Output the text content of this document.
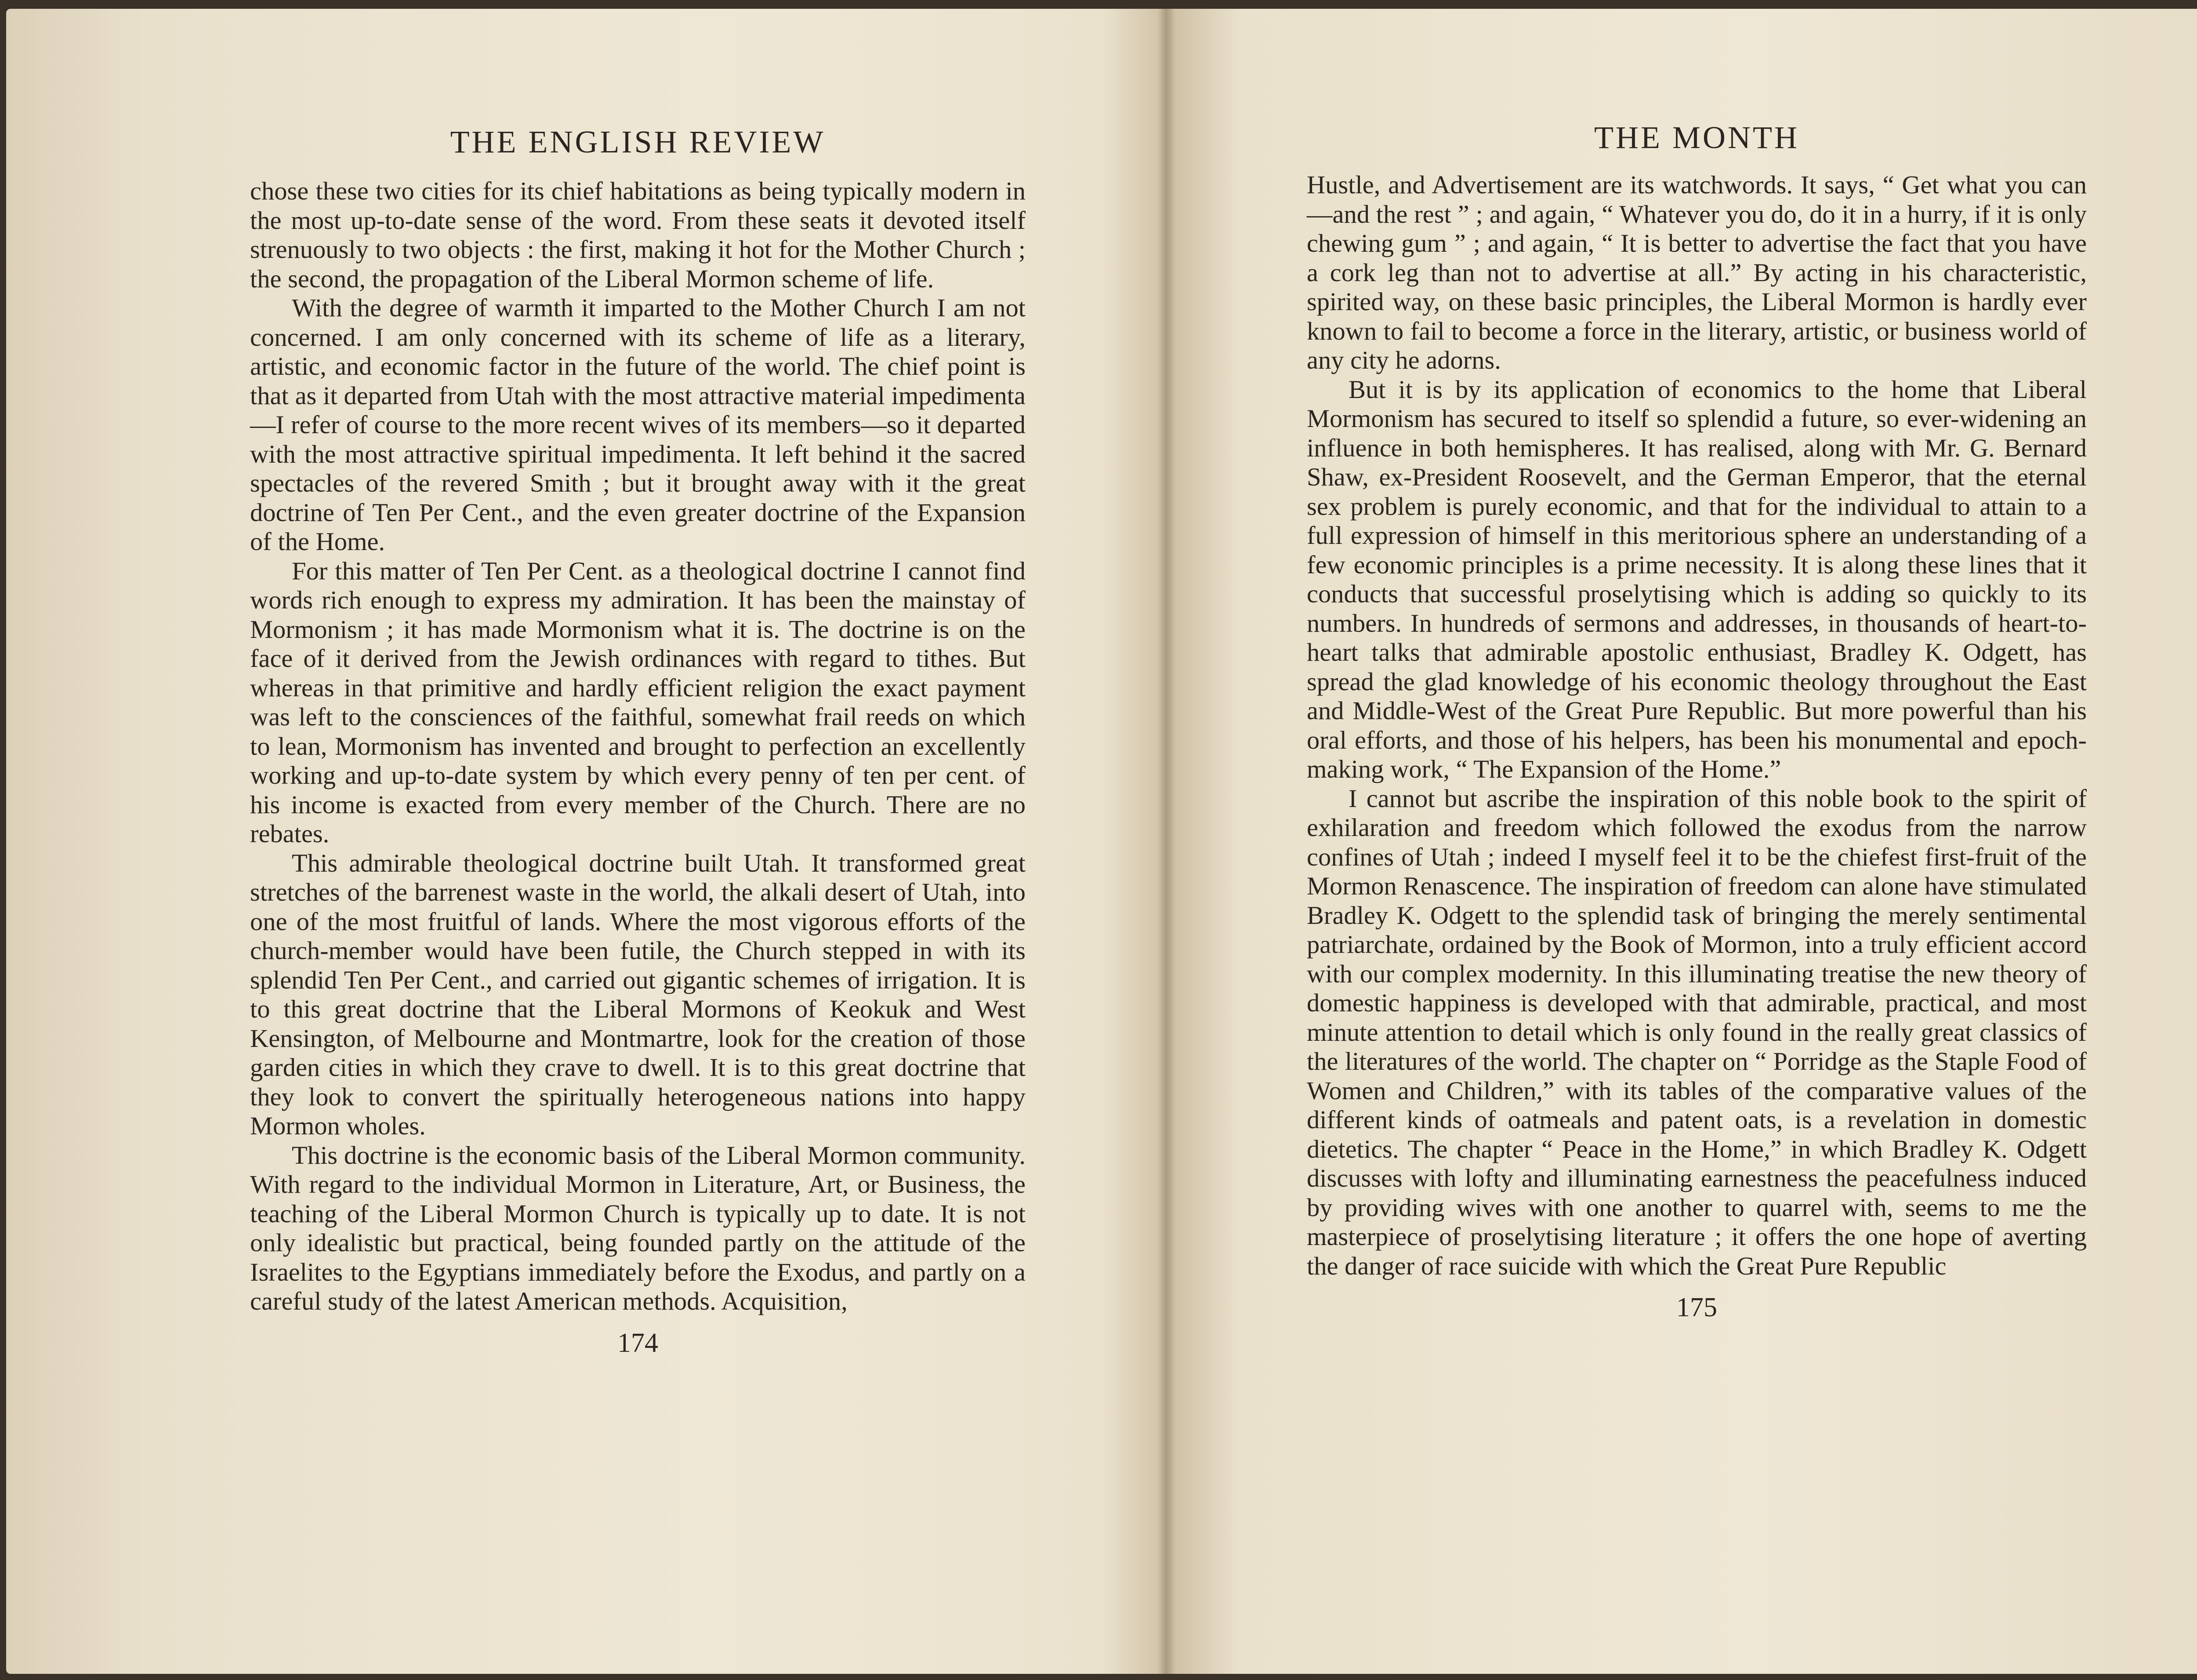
THE ENGLISH REVIEW

chose these two cities for its chief habitations as being typically modern in the most up-to-date sense of the word. From these seats it devoted itself strenuously to two objects : the first, making it hot for the Mother Church ; the second, the propagation of the Liberal Mormon scheme of life.

With the degree of warmth it imparted to the Mother Church I am not concerned. I am only concerned with its scheme of life as a literary, artistic, and economic factor in the future of the world. The chief point is that as it departed from Utah with the most attractive material impedimenta—I refer of course to the more recent wives of its members—so it departed with the most attractive spiritual impedimenta. It left behind it the sacred spectacles of the revered Smith ; but it brought away with it the great doctrine of Ten Per Cent., and the even greater doctrine of the Expansion of the Home.

For this matter of Ten Per Cent. as a theological doctrine I cannot find words rich enough to express my admiration. It has been the mainstay of Mormonism ; it has made Mormonism what it is. The doctrine is on the face of it derived from the Jewish ordinances with regard to tithes. But whereas in that primitive and hardly efficient religion the exact payment was left to the consciences of the faithful, somewhat frail reeds on which to lean, Mormonism has invented and brought to perfection an excellently working and up-to-date system by which every penny of ten per cent. of his income is exacted from every member of the Church. There are no rebates.

This admirable theological doctrine built Utah. It transformed great stretches of the barrenest waste in the world, the alkali desert of Utah, into one of the most fruitful of lands. Where the most vigorous efforts of the church-member would have been futile, the Church stepped in with its splendid Ten Per Cent., and carried out gigantic schemes of irrigation. It is to this great doctrine that the Liberal Mormons of Keokuk and West Kensington, of Melbourne and Montmartre, look for the creation of those garden cities in which they crave to dwell. It is to this great doctrine that they look to convert the spiritually heterogeneous nations into happy Mormon wholes.

This doctrine is the economic basis of the Liberal Mormon community. With regard to the individual Mormon in Literature, Art, or Business, the teaching of the Liberal Mormon Church is typically up to date. It is not only idealistic but practical, being founded partly on the attitude of the Israelites to the Egyptians immediately before the Exodus, and partly on a careful study of the latest American methods. Acquisition,

174
THE MONTH

Hustle, and Advertisement are its watchwords. It says, “ Get what you can—and the rest ” ; and again, “ Whatever you do, do it in a hurry, if it is only chewing gum ” ; and again, “ It is better to advertise the fact that you have a cork leg than not to advertise at all.” By acting in his characteristic, spirited way, on these basic principles, the Liberal Mormon is hardly ever known to fail to become a force in the literary, artistic, or business world of any city he adorns.

But it is by its application of economics to the home that Liberal Mormonism has secured to itself so splendid a future, so ever-widening an influence in both hemispheres. It has realised, along with Mr. G. Bernard Shaw, ex-President Roosevelt, and the German Emperor, that the eternal sex problem is purely economic, and that for the individual to attain to a full expression of himself in this meritorious sphere an understanding of a few economic principles is a prime necessity. It is along these lines that it conducts that successful proselytising which is adding so quickly to its numbers. In hundreds of sermons and addresses, in thousands of heart-to-heart talks that admirable apostolic enthusiast, Bradley K. Odgett, has spread the glad knowledge of his economic theology throughout the East and Middle-West of the Great Pure Republic. But more powerful than his oral efforts, and those of his helpers, has been his monumental and epoch-making work, “ The Expansion of the Home.”

I cannot but ascribe the inspiration of this noble book to the spirit of exhilaration and freedom which followed the exodus from the narrow confines of Utah ; indeed I myself feel it to be the chiefest first-fruit of the Mormon Renascence. The inspiration of freedom can alone have stimulated Bradley K. Odgett to the splendid task of bringing the merely sentimental patriarchate, ordained by the Book of Mormon, into a truly efficient accord with our complex modernity. In this illuminating treatise the new theory of domestic happiness is developed with that admirable, practical, and most minute attention to detail which is only found in the really great classics of the literatures of the world. The chapter on “ Porridge as the Staple Food of Women and Children,” with its tables of the comparative values of the different kinds of oatmeals and patent oats, is a revelation in domestic dietetics. The chapter “ Peace in the Home,” in which Bradley K. Odgett discusses with lofty and illuminating earnestness the peacefulness induced by providing wives with one another to quarrel with, seems to me the masterpiece of proselytising literature ; it offers the one hope of averting the danger of race suicide with which the Great Pure Republic

175
